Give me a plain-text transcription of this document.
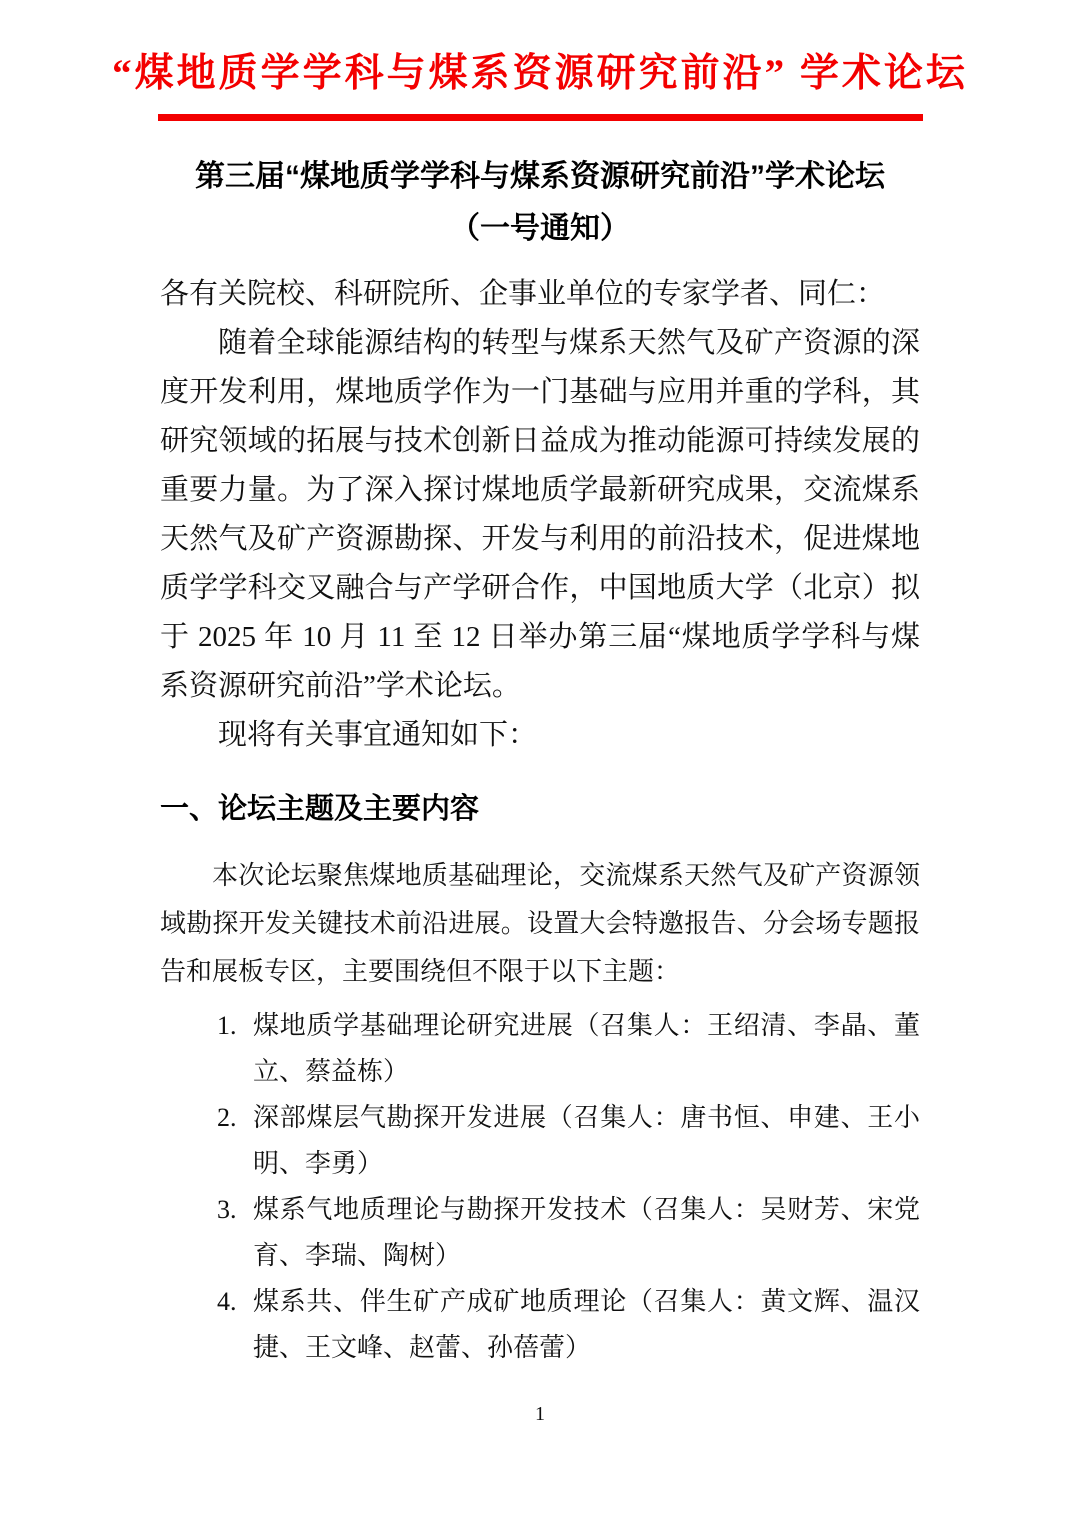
“煤地质学学科与煤系资源研究前沿” 学术论坛
第三届“煤地质学学科与煤系资源研究前沿”学术论坛
（一号通知）

各有关院校、科研院所、企事业单位的专家学者、同仁：

随着全球能源结构的转型与煤系天然气及矿产资源的深度开发利用，煤地质学作为一门基础与应用并重的学科，其研究领域的拓展与技术创新日益成为推动能源可持续发展的重要力量。为了深入探讨煤地质学最新研究成果，交流煤系天然气及矿产资源勘探、开发与利用的前沿技术，促进煤地质学学科交叉融合与产学研合作，中国地质大学（北京）拟于 2025 年 10 月 11 至 12 日举办第三届“煤地质学学科与煤系资源研究前沿”学术论坛。

现将有关事宜通知如下：

一、论坛主题及主要内容

本次论坛聚焦煤地质基础理论，交流煤系天然气及矿产资源领域勘探开发关键技术前沿进展。设置大会特邀报告、分会场专题报告和展板专区，主要围绕但不限于以下主题：

1. 煤地质学基础理论研究进展（召集人：王绍清、李晶、董立、蔡益栋）
2. 深部煤层气勘探开发进展（召集人：唐书恒、申建、王小明、李勇）
3. 煤系气地质理论与勘探开发技术（召集人：吴财芳、宋党育、李瑞、陶树）
4. 煤系共、伴生矿产成矿地质理论（召集人：黄文辉、温汉捷、王文峰、赵蕾、孙蓓蕾）
1
